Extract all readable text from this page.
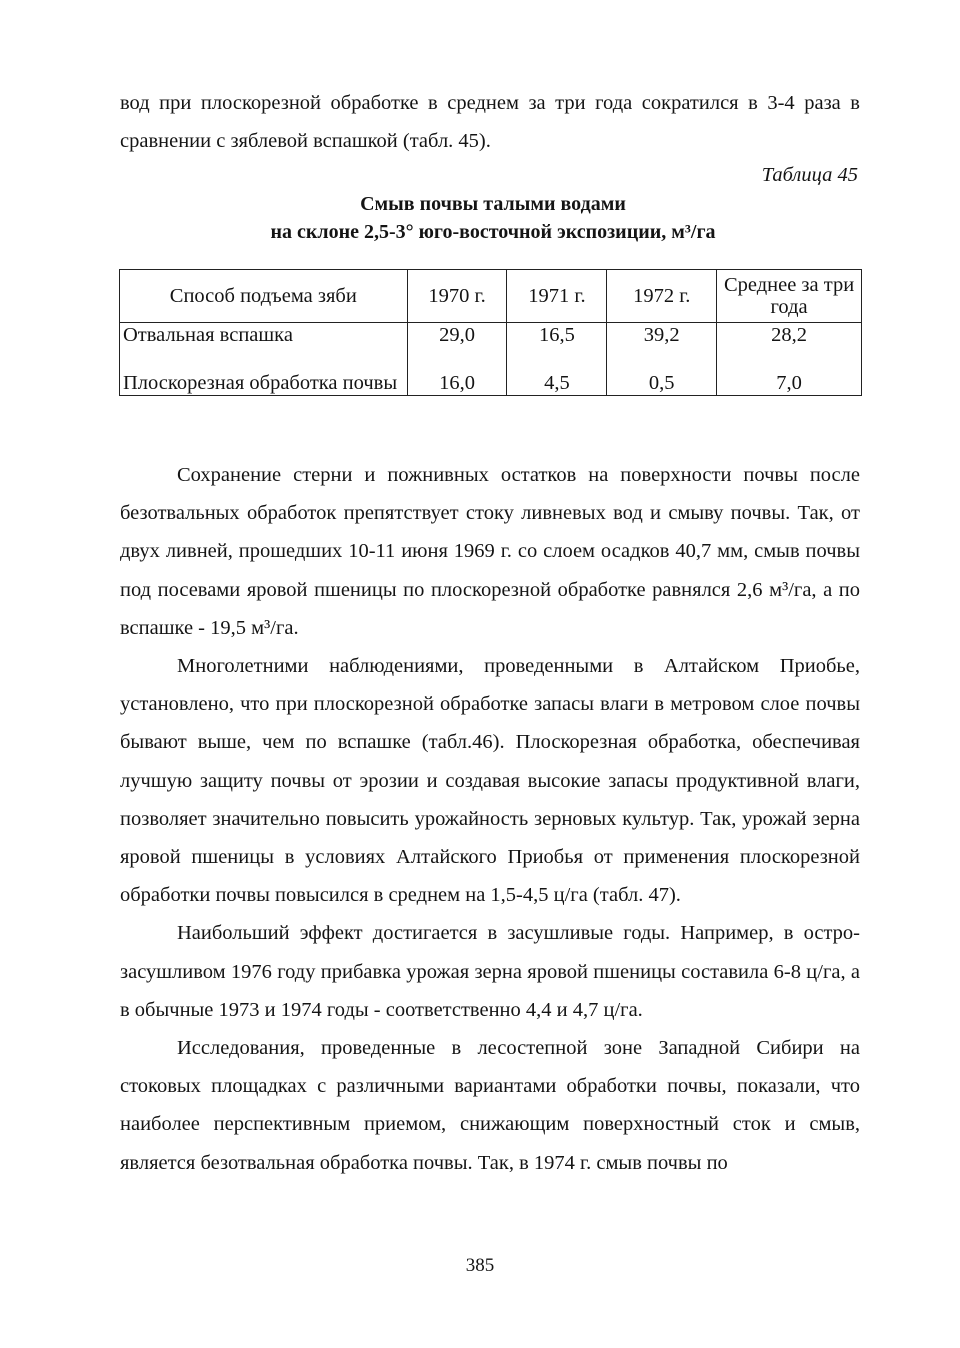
вод при плоскорезной обработке в среднем за три года сократился в 3-4 раза в сравнении с зяблевой вспашкой (табл. 45).
Таблица 45
Смыв почвы талыми водами
на склоне 2,5-3° юго-восточной экспозиции, м³/га
Способ подъема зяби	1970 г.	1971 г.	1972 г.	Среднее за три года
Отвальная вспашка	29,0	16,5	39,2	28,2
Плоскорезная обработка почвы	16,0	4,5	0,5	7,0

Сохранение стерни и пожнивных остатков на поверхности почвы после безотвальных обработок препятствует стоку ливневых вод и смыву почвы. Так, от двух ливней, прошедших 10-11 июня 1969 г. со слоем осадков 40,7 мм, смыв почвы под посевами яровой пшеницы по плоскорезной обработке равнялся 2,6 м³/га, а по вспашке - 19,5 м³/га.

Многолетними наблюдениями, проведенными в Алтайском Приобье, установлено, что при плоскорезной обработке запасы влаги в метровом слое почвы бывают выше, чем по вспашке (табл.46). Плоскорезная обработка, обеспечивая лучшую защиту почвы от эрозии и создавая высокие запасы продуктивной влаги, позволяет значительно повысить урожайность зерновых культур. Так, урожай зерна яровой пшеницы в условиях Алтайского Приобья от применения плоскорезной обработки почвы повысился в среднем на 1,5-4,5 ц/га (табл. 47).

Наибольший эффект достигается в засушливые годы. Например, в острозасушливом 1976 году прибавка урожая зерна яровой пшеницы составила 6-8 ц/га, а в обычные 1973 и 1974 годы - соответственно 4,4 и 4,7 ц/га.

Исследования, проведенные в лесостепной зоне Западной Сибири на стоковых площадках с различными вариантами обработки почвы, показали, что наиболее перспективным приемом, снижающим поверхностный сток и смыв, является безотвальная обработка почвы. Так, в 1974 г. смыв почвы по

385
